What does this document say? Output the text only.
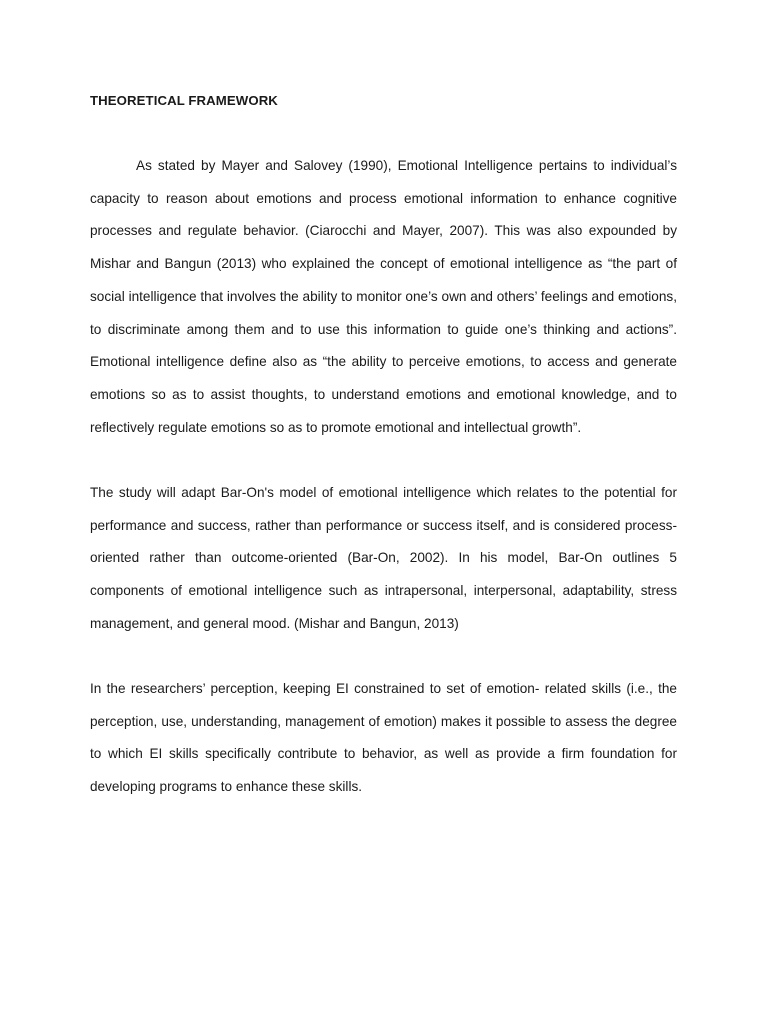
THEORETICAL FRAMEWORK

As stated by Mayer and Salovey (1990), Emotional Intelligence pertains to individual’s capacity to reason about emotions and process emotional information to enhance cognitive processes and regulate behavior. (Ciarocchi and Mayer, 2007). This was also expounded by Mishar and Bangun (2013) who explained the concept of emotional intelligence as “the part of social intelligence that involves the ability to monitor one’s own and others’ feelings and emotions, to discriminate among them and to use this information to guide one’s thinking and actions”. Emotional intelligence define also as “the ability to perceive emotions, to access and generate emotions so as to assist thoughts, to understand emotions and emotional knowledge, and to reflectively regulate emotions so as to promote emotional and intellectual growth”.

The study will adapt Bar-On's model of emotional intelligence which relates to the potential for performance and success, rather than performance or success itself, and is considered process-oriented rather than outcome-oriented (Bar-On, 2002). In his model, Bar-On outlines 5 components of emotional intelligence such as intrapersonal, interpersonal, adaptability, stress management, and general mood. (Mishar and Bangun, 2013)

In the researchers’ perception, keeping EI constrained to set of emotion- related skills (i.e., the perception, use, understanding, management of emotion) makes it possible to assess the degree to which EI skills specifically contribute to behavior, as well as provide a firm foundation for developing programs to enhance these skills.
